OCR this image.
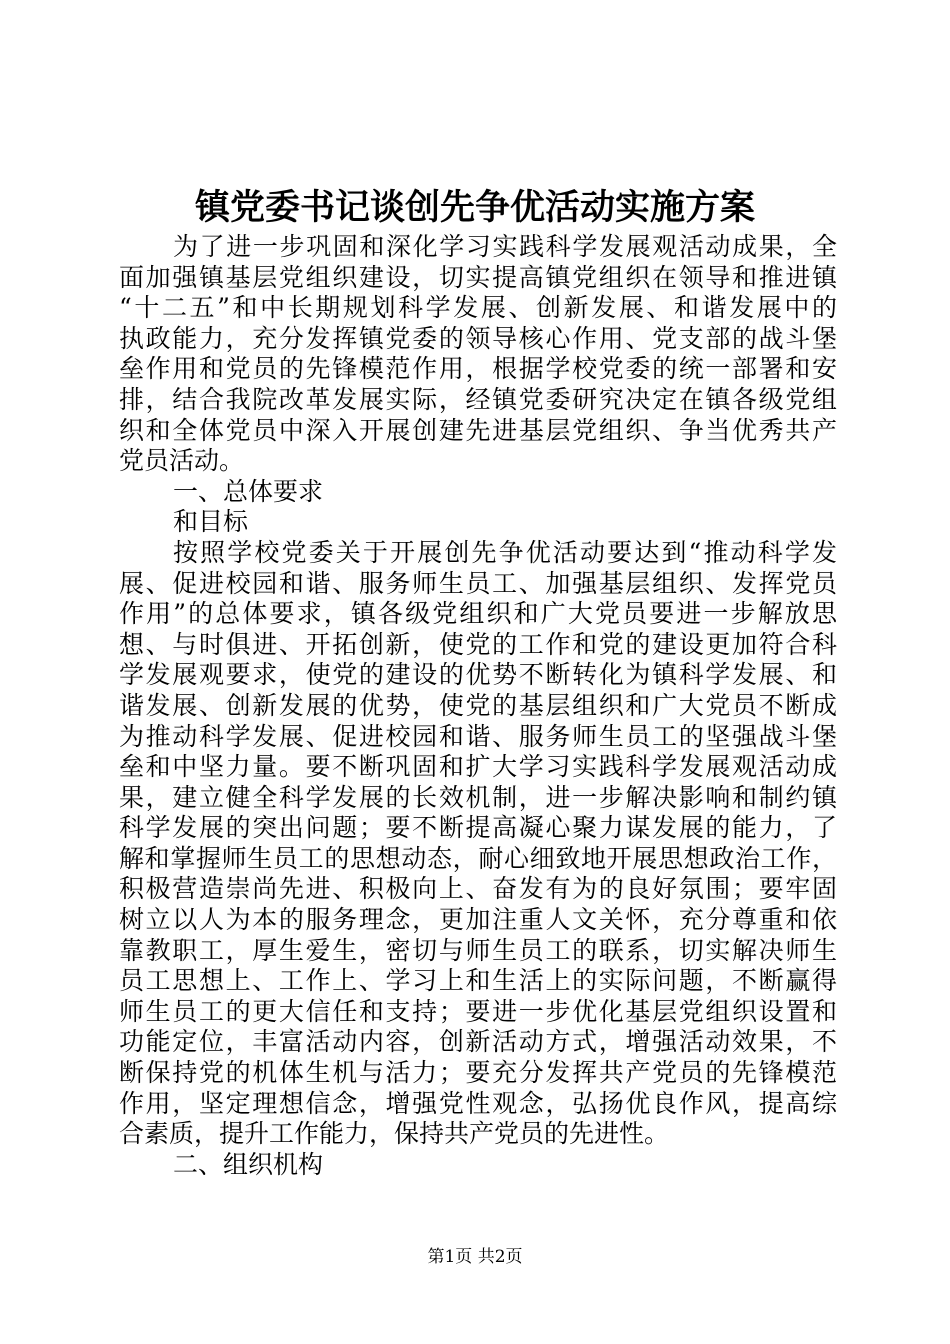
镇党委书记谈创先争优活动实施方案
为了进一步巩固和深化学习实践科学发展观活动成果，全
面加强镇基层党组织建设，切实提高镇党组织在领导和推进镇
“十二五”和中长期规划科学发展、创新发展、和谐发展中的
执政能力，充分发挥镇党委的领导核心作用、党支部的战斗堡
垒作用和党员的先锋模范作用，根据学校党委的统一部署和安
排，结合我院改革发展实际，经镇党委研究决定在镇各级党组
织和全体党员中深入开展创建先进基层党组织、争当优秀共产
党员活动。
一、总体要求
和目标
按照学校党委关于开展创先争优活动要达到“推动科学发
展、促进校园和谐、服务师生员工、加强基层组织、发挥党员
作用”的总体要求，镇各级党组织和广大党员要进一步解放思
想、与时俱进、开拓创新，使党的工作和党的建设更加符合科
学发展观要求，使党的建设的优势不断转化为镇科学发展、和
谐发展、创新发展的优势，使党的基层组织和广大党员不断成
为推动科学发展、促进校园和谐、服务师生员工的坚强战斗堡
垒和中坚力量。要不断巩固和扩大学习实践科学发展观活动成
果，建立健全科学发展的长效机制，进一步解决影响和制约镇
科学发展的突出问题；要不断提高凝心聚力谋发展的能力，了
解和掌握师生员工的思想动态，耐心细致地开展思想政治工作，
积极营造崇尚先进、积极向上、奋发有为的良好氛围；要牢固
树立以人为本的服务理念，更加注重人文关怀，充分尊重和依
靠教职工，厚生爱生，密切与师生员工的联系，切实解决师生
员工思想上、工作上、学习上和生活上的实际问题，不断赢得
师生员工的更大信任和支持；要进一步优化基层党组织设置和
功能定位，丰富活动内容，创新活动方式，增强活动效果，不
断保持党的机体生机与活力；要充分发挥共产党员的先锋模范
作用，坚定理想信念，增强党性观念，弘扬优良作风，提高综
合素质，提升工作能力，保持共产党员的先进性。
二、组织机构
第1页 共2页
